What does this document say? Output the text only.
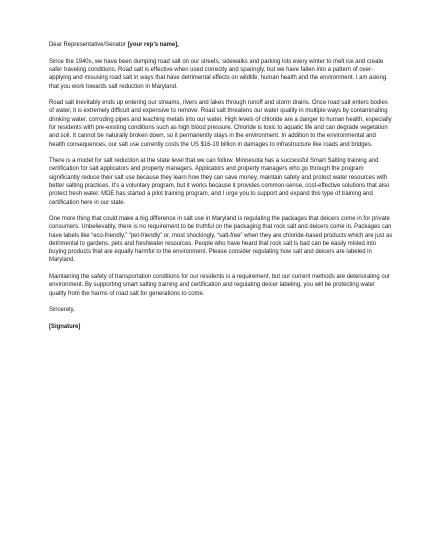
Dear Representative/Senator [your rep’s name],

Since the 1940s, we have been dumping road salt on our streets, sidewalks and parking lots every winter to melt ice and create safer traveling conditions. Road salt is effective when used correctly and sparingly, but we have fallen into a pattern of over-applying and misusing road salt in ways that have detrimental effects on wildlife, human health and the environment. I am asking that you work towards salt reduction in Maryland.

Road salt inevitably ends up entering our streams, rivers and lakes through runoff and storm drains. Once road salt enters bodies of water, it is extremely difficult and expensive to remove. Road salt threatens our water quality in multiple ways by contaminating drinking water, corroding pipes and leaching metals into our water. High levels of chloride are a danger to human health, especially for residents with pre-existing conditions such as high blood pressure. Chloride is toxic to aquatic life and can degrade vegetation and soil. It cannot be naturally broken down, so it permanently stays in the environment. In addition to the environmental and health consequences, our salt use currently costs the US $16-19 billion in damages to infrastructure like roads and bridges.

There is a model for salt reduction at the state level that we can follow. Minnesota has a successful Smart Salting training and certification for salt applicators and property managers. Applicators and property managers who go through the program significantly reduce their salt use because they learn how they can save money, maintain safety and protect water resources with better salting practices. It’s a voluntary program, but it works because it provides common-sense, cost-effective solutions that also protect fresh water. MDE has started a pilot training program, and I urge you to support and expand this type of training and certification here in our state.

One more thing that could make a big difference in salt use in Maryland is regulating the packages that deicers come in for private consumers. Unbelievably, there is no requirement to be truthful on the packaging that rock salt and deicers come in. Packages can have labels like “eco-friendly,” “pet-friendly” or, most shockingly, “salt-free” when they are chloride-based products which are just as detrimental to gardens, pets and freshwater resources. People who have heard that rock salt is bad can be easily misled into buying products that are equally harmful to the environment. Please consider regulating how salt and deicers are labeled in Maryland.

Maintaining the safety of transportation conditions for our residents is a requirement, but our current methods are deteriorating our environment. By supporting smart salting training and certification and regulating deicer labeling, you will be protecting water quality from the harms of road salt for generations to come.

Sincerely,

[Signature]
